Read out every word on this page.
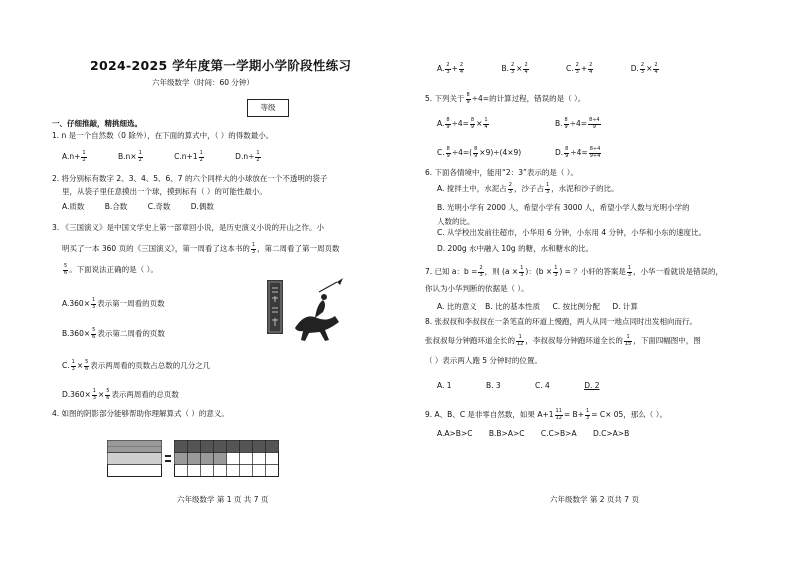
2024-2025 学年度第一学期小学阶段性练习
六年级数学（时间：60 分钟）
等级
一、仔细推敲，精挑细选。
1. n 是一个自然数（0 除外），在下面的算式中，（ ）的得数最小。
$A.n+ \frac{1}{2}$	$B.n\times \frac{1}{2}$	$C.n+1 \frac{1}{2}$	$D.n\div \frac{1}{2}$
2. 将分别标有数字 2、3、4、5、6、7 的六个同样大的小球放在一个不透明的袋子
里，从袋子里任意摸出一个球，摸到标有（ ）的可能性最小。
A.质数	B.合数	C.奇数	D.偶数
3. 《三国演义》是中国文学史上第一部章回小说，是历史演义小说的开山之作。小
明买了一本 360 页的《三国演义》，第一周看了这本书的 $\frac{1}{3}$ ，第二周看了第一周页数
$\frac{5}{6}$ 。下面说法正确的是（ ）。
$A.360\times \frac{1}{3}$ 表示第一周看的页数
$B.360\times \frac{5}{6}$ 表示第二周看的页数
C. $\frac{1}{3} \times \frac{5}{6}$ 表示两周看的页数占总数的几分之几
$D.360\times \frac{1}{3} \times \frac{5}{6}$ 表示两周看的总页数
4. 如图的阴影部分能够帮助你理解算式（ ）的意义。
六年级数学 第 1 页 共 7 页
A. $\frac{2}{3} + \frac{2}{4}$	B. $\frac{2}{3} \times \frac{2}{4}$	C. $\frac{2}{3} + \frac{2}{4}$	D. $\frac{2}{3} \times \frac{2}{4}$
5. 下列关于 $\frac{8}{9} \div 4=$的计算过程，错误的是（ ）。
A. $\frac{8}{9} \div 4= \frac{8}{9} \times \frac{1}{4}$	B. $\frac{8}{9} \div 4= \frac{8\div 4}{9}$
C. $\frac{8}{9} \div 4=( \frac{8}{9} \times 9)\div(4\times 9)$	D. $\frac{8}{9} \div 4= \frac{8\div 4}{9\div 4}$
6. 下面各情境中，能用“2：3”表示的是（ ）。
A. 搅拌土中，水泥占 $\frac{2}{3}$ ，沙子占 $\frac{1}{3}$ ，水泥和沙子的比。
B. 光明小学有 2000 人，希望小学有 3000 人，希望小学人数与光明小学的
人数的比。
C. 从学校出发前往超市，小华用 6 分钟，小东用 4 分钟，小华和小东的速度比。
D. 200g 水中融入 10g 的糖，水和糖水的比。
7. 已知 a：$b = \frac{2}{3}$ ，则 ($a \times \frac{1}{3}$ )：($b \times \frac{1}{3}$ ) = ？小轩的答案是 $\frac{1}{3}$ ，小华一看就说是错误的，
你认为小华判断的依据是（ ）。
A. 比的意义 B. 比的基本性质 C. 按比例分配 D. 计算
8. 张叔叔和李叔叔在一条笔直的环道上慢跑，两人从同一地点同时出发相向而行。
张叔叔每分钟跑环道全长的 $\frac{1}{12}$ ，李叔叔每分钟跑环道全长的 $\frac{1}{15}$ ，下面四幅图中，图
（ ）表示两人跑 5 分钟时的位置。
A. 1	B. 3	C. 4	D. 2
9. A、B、C 是非零自然数，如果 $A+1 \frac{11}{12} = B+ \frac{1}{3} = C\times 05$，那么（ ）。
A.A>B>C B.B>A>C C.C>B>A D.C>A>B
六年级数学 第 2 页共 7 页
